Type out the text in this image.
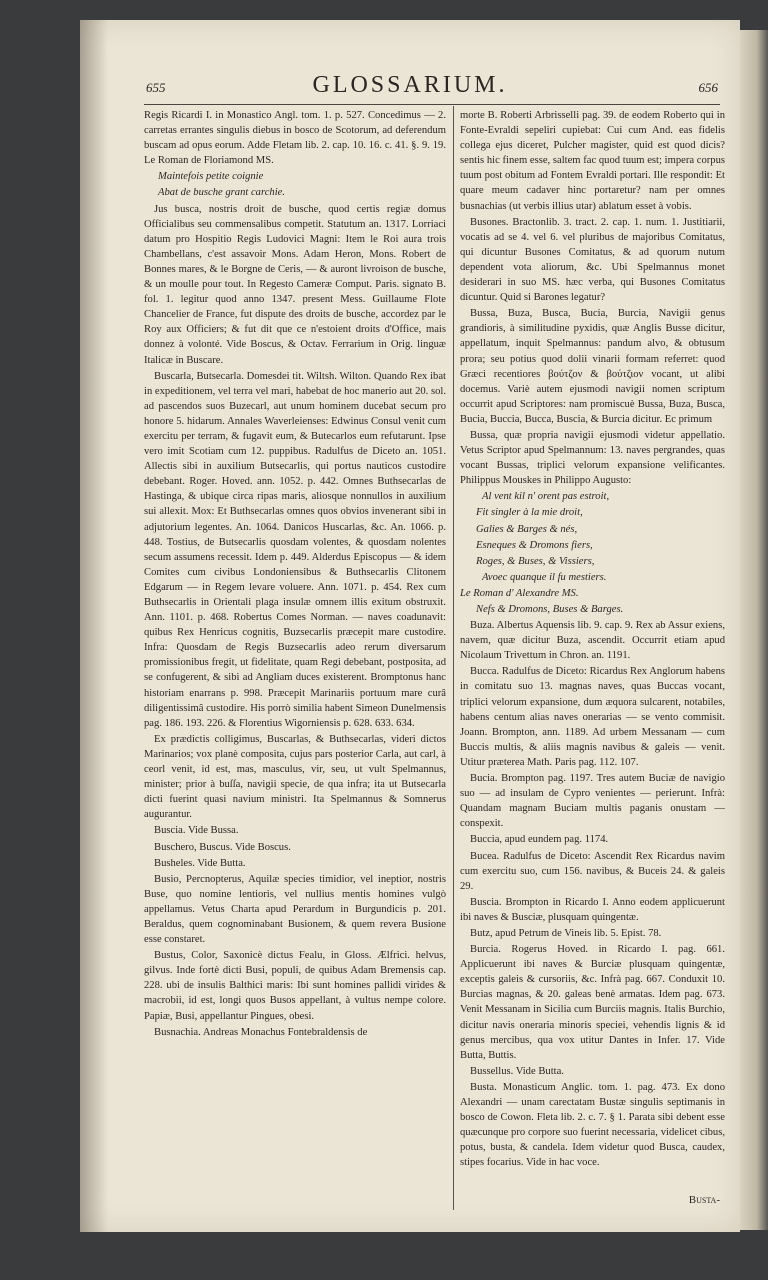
655	GLOSSARIUM.	656

Regis Ricardi I. in Monastico Angl. tom. 1. p. 527. Concedimus — 2. carretas errantes singulis diebus in bosco de Scotorum, ad deferendum buscam ad opus eorum. Adde Fletam lib. 2. cap. 10. 16. c. 41. §. 9. 19. Le Roman de Floriamond MS.

Maintefois petite coignie

Abat de busche grant carchie.

Jus busca, nostris droit de busche, quod certis regiæ domus Officialibus seu commensalibus competit. Statutum an. 1317. Lorriaci datum pro Hospitio Regis Ludovici Magni: Item le Roi aura trois Chambellans, c'est assavoir Mons. Adam Heron, Mons. Robert de Bonnes mares, & le Borgne de Ceris, — & auront livroison de busche, & un moulle pour tout. In Regesto Cameræ Comput. Paris. signato B. fol. 1. legitur quod anno 1347. present Mess. Guillaume Flote Chancelier de France, fut dispute des droits de busche, accordez par le Roy aux Officiers; & fut dit que ce n'estoient droits d'Office, mais donnez à volonté. Vide Boscus, & Octav. Ferrarium in Orig. linguæ Italicæ in Buscare.

Buscarla, Butsecarla. Domesdei tit. Wiltsh. Wilton. Quando Rex ibat in expeditionem, vel terra vel mari, habebat de hoc manerio aut 20. sol. ad pascendos suos Buzecarl, aut unum hominem ducebat secum pro honore 5. hidarum. Annales Waverleienses: Edwinus Consul venit cum exercitu per terram, & fugavit eum, & Butecarlos eum refutarunt. Ipse vero imit Scotiam cum 12. puppibus. Radulfus de Diceto an. 1051. Allectis sibi in auxilium Butsecarlis, qui portus nauticos custodire debebant. Roger. Hoved. ann. 1052. p. 442. Omnes Buthsecarlas de Hastinga, & ubique circa ripas maris, aliosque nonnullos in auxilium sui allexit. Mox: Et Buthsecarlas omnes quos obvios invenerant sibi in adjutorium legentes. An. 1064. Danicos Huscarlas, &c. An. 1066. p. 448. Tostius, de Butsecarlis quosdam volentes, & quosdam nolentes secum assumens recessit. Idem p. 449. Alderdus Episcopus — & idem Comites cum civibus Londoniensibus & Buthsecarlis Clitonem Edgarum — in Regem levare voluere. Ann. 1071. p. 454. Rex cum Buthsecarlis in Orientali plaga insulæ omnem illis exitum obstruxit. Ann. 1101. p. 468. Robertus Comes Norman. — naves coadunavit: quibus Rex Henricus cognitis, Buzsecarlis præcepit mare custodire. Infra: Quosdam de Regis Buzsecarlis adeo rerum diversarum promissionibus fregit, ut fidelitate, quam Regi debebant, postposita, ad se confugerent, & sibi ad Angliam duces existerent. Bromptonus hanc historiam enarrans p. 998. Præcepit Marinariis portuum mare curâ diligentissimâ custodire. His porrò similia habent Simeon Dunelmensis pag. 186. 193. 226. & Florentius Wigorniensis p. 628. 633. 634.

Ex prædictis colligimus, Buscarlas, & Buthsecarlas, videri dictos Marinarios; vox planè composita, cujus pars posterior Carla, aut carl, à ceorl venit, id est, mas, masculus, vir, seu, ut vult Spelmannus, minister; prior à buſſa, navigii specie, de qua infra; ita ut Butsecarla dicti fuerint quasi navium ministri. Ita Spelmannus & Somnerus augurantur.

Buscia. Vide Bussa.

Buschero, Buscus. Vide Boscus.

Busheles. Vide Butta.

Busio, Percnopterus, Aquilæ species timidior, vel ineptior, nostris Buse, quo nomine lentioris, vel nullius mentis homines vulgò appellamus. Vetus Charta apud Perardum in Burgundicis p. 201. Beraldus, quem cognominabant Busionem, & quem revera Busione esse constaret.

Bustus, Color, Saxonicè dictus Fealu, in Gloss. Ælfrici. helvus, gilvus. Inde fortè dicti Busi, populi, de quibus Adam Bremensis cap. 228. ubi de insulis Balthici maris: Ibi sunt homines pallidi virides & macrobii, id est, longi quos Busos appellant, à vultus nempe colore. Papiæ, Busi, appellantur Pingues, obesi.

Busnachia. Andreas Monachus Fontebraldensis de

morte B. Roberti Arbrisselli pag. 39. de eodem Roberto qui in Fonte-Evraldi sepeliri cupiebat: Cui cum And. eas fidelis collega ejus diceret, Pulcher magister, quid est quod dicis? sentis hic finem esse, saltem fac quod tuum est; impera corpus tuum post obitum ad Fontem Evraldi portari. Ille respondit: Et quare meum cadaver hinc portaretur? nam per omnes busnachias (ut verbis illius utar) ablatum esset à vobis.

Busones. Bractonlib. 3. tract. 2. cap. 1. num. 1. Justitiarii, vocatis ad se 4. vel 6. vel pluribus de majoribus Comitatus, qui dicuntur Busones Comitatus, & ad quorum nutum dependent vota aliorum, &c. Ubi Spelmannus monet desiderari in suo MS. hæc verba, qui Busones Comitatus dicuntur. Quid si Barones legatur?

Bussa, Buza, Busca, Bucia, Burcia, Navigii genus grandioris, à similitudine pyxidis, quæ Anglis Busse dicitur, appellatum, inquit Spelmannus: pandum alvo, & obtusum prora; seu potius quod dolii vinarii formam referret: quod Græci recentiores βούτζον & βούτζιον vocant, ut alibi docemus. Variè autem ejusmodi navigii nomen scriptum occurrit apud Scriptores: nam promiscuè Bussa, Buza, Busca, Bucia, Buccia, Bucca, Buscia, & Burcia dicitur. Ec primum

Bussa, quæ propria navigii ejusmodi videtur appellatio. Vetus Scriptor apud Spelmannum: 13. naves pergrandes, quas vocant Bussas, triplici velorum expansione velificantes. Philippus Mouskes in Philippo Augusto:

Al vent kil n' orent pas estroit,

Fit singler à la mie droit,

Galies & Barges & nés,

Esneques & Dromons fiers,

Roges, & Buses, & Vissiers,

Avoec quanque il fu mestiers.

Le Roman d' Alexandre MS.

Nefs & Dromons, Buses & Barges.

Buza. Albertus Aquensis lib. 9. cap. 9. Rex ab Assur exiens, navem, quæ dicitur Buza, ascendit. Occurrit etiam apud Nicolaum Trivettum in Chron. an. 1191.

Bucca. Radulfus de Diceto: Ricardus Rex Anglorum habens in comitatu suo 13. magnas naves, quas Buccas vocant, triplici velorum expansione, dum æquora sulcarent, notabiles, habens centum alias naves onerarias — se vento commisit. Joann. Brompton, ann. 1189. Ad urbem Messanam — cum Buccis multis, & aliis magnis navibus & galeis — venit. Utitur præterea Math. Paris pag. 112. 107.

Bucia. Brompton pag. 1197. Tres autem Buciæ de navigio suo — ad insulam de Cypro venientes — perierunt. Infrà: Quandam magnam Buciam multis paganis onustam — conspexit.

Buccia, apud eundem pag. 1174.

Bucea. Radulfus de Diceto: Ascendit Rex Ricardus navim cum exercitu suo, cum 156. navibus, & Buceis 24. & galeis 29.

Buscia. Brompton in Ricardo I. Anno eodem applicuerunt ibi naves & Busciæ, plusquam quingentæ.

Butz, apud Petrum de Vineis lib. 5. Epist. 78.

Burcia. Rogerus Hoved. in Ricardo I. pag. 661. Applicuerunt ibi naves & Burciæ plusquam quingentæ, exceptis galeis & cursoriis, &c. Infrà pag. 667. Conduxit 10. Burcias magnas, & 20. galeas benè armatas. Idem pag. 673. Venit Messanam in Sicilia cum Burciis magnis. Italis Burchio, dicitur navis oneraria minoris speciei, vehendis lignis & id genus mercibus, qua vox utitur Dantes in Infer. 17. Vide Butta, Buttis.

Bussellus. Vide Butta.

Busta. Monasticum Anglic. tom. 1. pag. 473. Ex dono Alexandri — unam carectatam Bustæ singulis septimanis in bosco de Cowon. Fleta lib. 2. c. 7. § 1. Parata sibi debent esse quæcunque pro corpore suo fuerint necessaria, videlicet cibus, potus, busta, & candela. Idem videtur quod Busca, caudex, stipes focarius. Vide in hac voce.

Busta-
